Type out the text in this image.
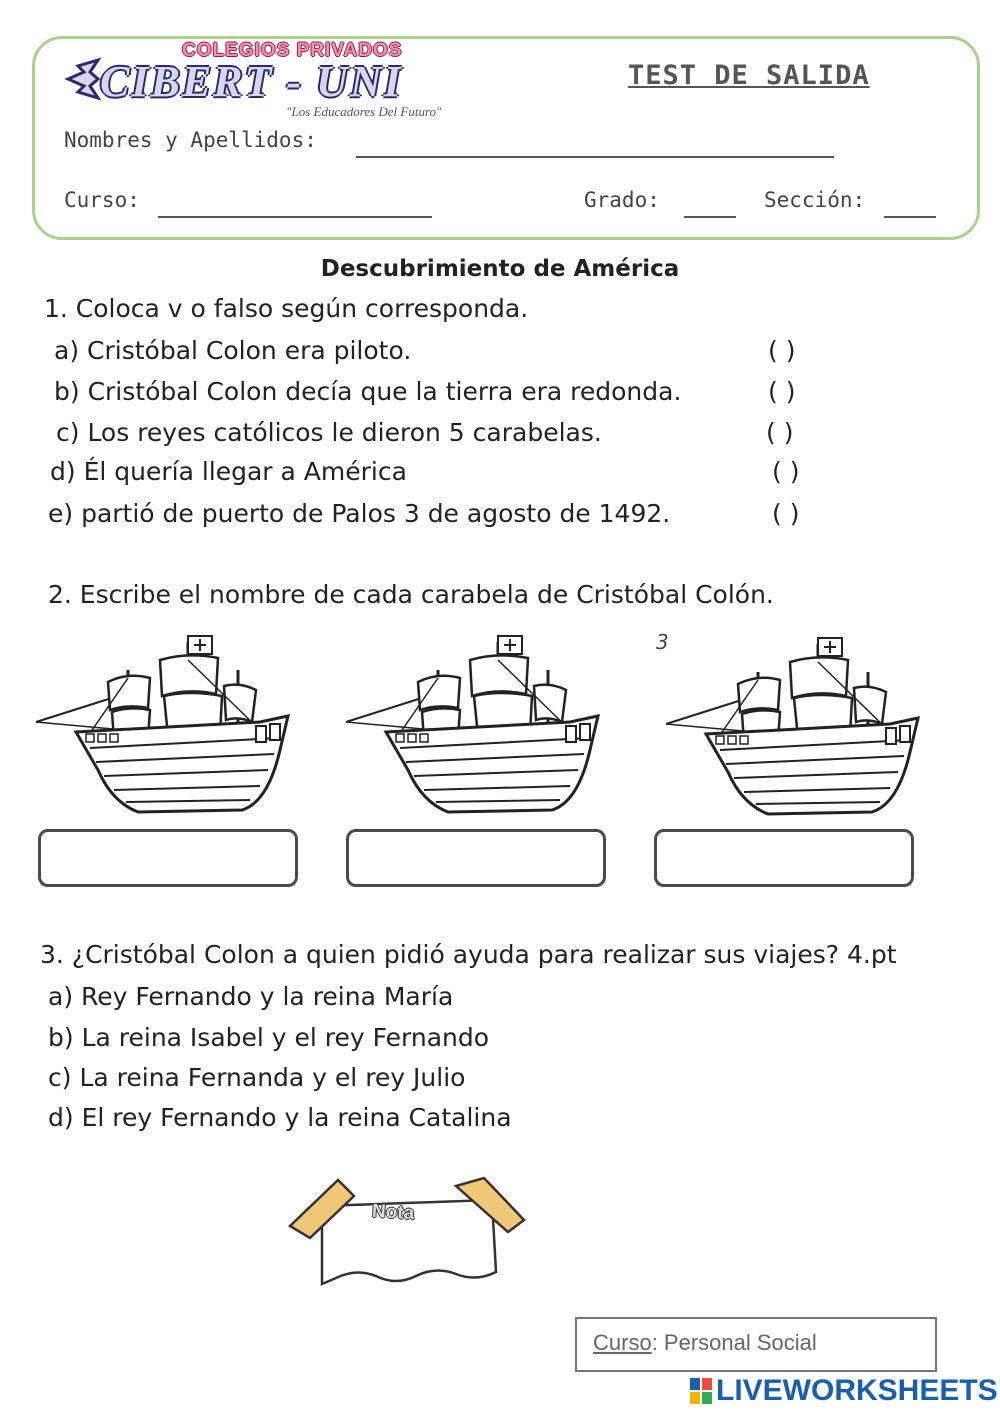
COLEGIOS PRIVADOS
CIBERT - UNI
"Los Educadores Del Futuro"
TEST DE SALIDA
Nombres y Apellidos:
Curso:	Grado:	Sección:
Descubrimiento de América
1. Coloca v o falso según corresponda.
a) Cristóbal Colon era piloto.	( )
b) Cristóbal Colon decía que la tierra era redonda.	( )
c) Los reyes católicos le dieron 5 carabelas.	( )
d) Él quería llegar a América	( )
e) partió de puerto de Palos 3 de agosto de 1492.	( )
2. Escribe el nombre de cada carabela de Cristóbal Colón.
3
3. ¿Cristóbal Colon a quien pidió ayuda para realizar sus viajes? 4.pt
a) Rey Fernando y la reina María
b) La reina Isabel y el rey Fernando
c) La reina Fernanda y el rey Julio
d) El rey Fernando y la reina Catalina
Nota
Curso: Personal Social
LIVEWORKSHEETS
